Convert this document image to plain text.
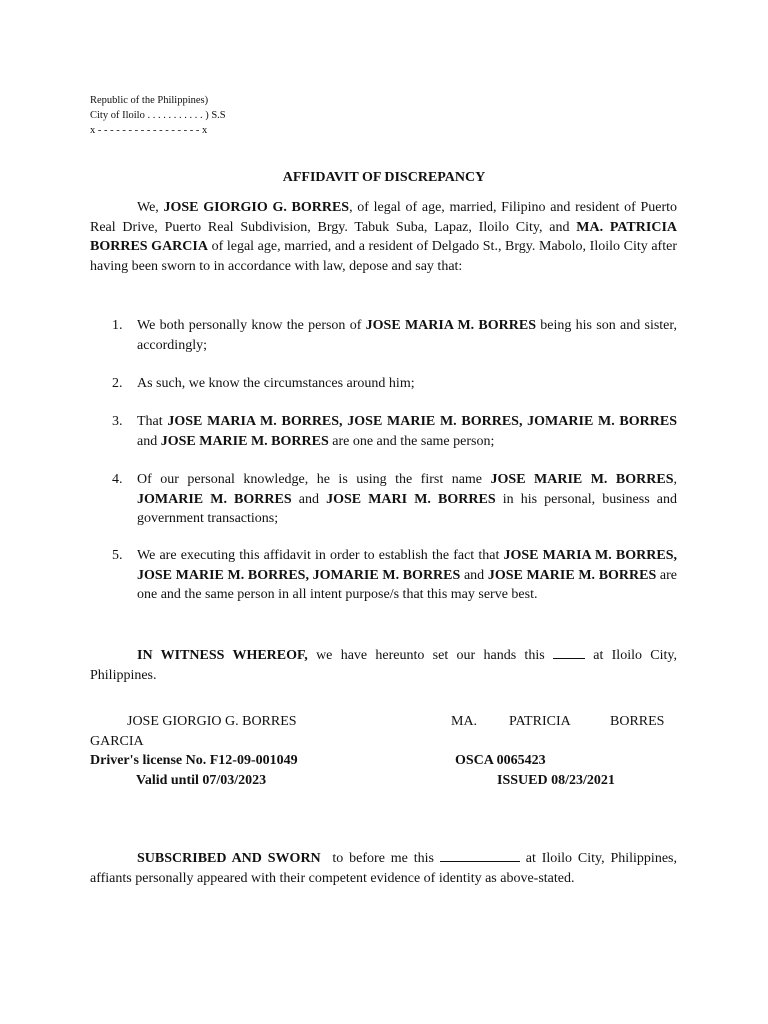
Republic of the Philippines)
City of Iloilo . . . . . . . . . . . ) S.S
x - - - - - - - - - - - - - - - - - x
AFFIDAVIT OF DISCREPANCY
We, JOSE GIORGIO G. BORRES, of legal of age, married, Filipino and resident of Puerto Real Drive, Puerto Real Subdivision, Brgy. Tabuk Suba, Lapaz, Iloilo City, and MA. PATRICIA BORRES GARCIA of legal age, married, and a resident of Delgado St., Brgy. Mabolo, Iloilo City after having been sworn to in accordance with law, depose and say that:
1. We both personally know the person of JOSE MARIA M. BORRES being his son and sister, accordingly;
2. As such, we know the circumstances around him;
3. That JOSE MARIA M. BORRES, JOSE MARIE M. BORRES, JOMARIE M. BORRES and JOSE MARIE M. BORRES are one and the same person;
4. Of our personal knowledge, he is using the first name JOSE MARIE M. BORRES, JOMARIE M. BORRES and JOSE MARI M. BORRES in his personal, business and government transactions;
5. We are executing this affidavit in order to establish the fact that JOSE MARIA M. BORRES, JOSE MARIE M. BORRES, JOMARIE M. BORRES and JOSE MARIE M. BORRES are one and the same person in all intent purpose/s that this may serve best.
IN WITNESS WHEREOF, we have hereunto set our hands this  at Iloilo City, Philippines.
JOSE GIORGIO G. BORRES	MA. PATRICIA	BORRES
GARCIA
Driver's license No. F12-09-001049	OSCA 0065423
Valid until 07/03/2023	ISSUED 08/23/2021
SUBSCRIBED AND SWORN  to before me this	at Iloilo City, Philippines, affiants personally appeared with their competent evidence of identity as above-stated.
